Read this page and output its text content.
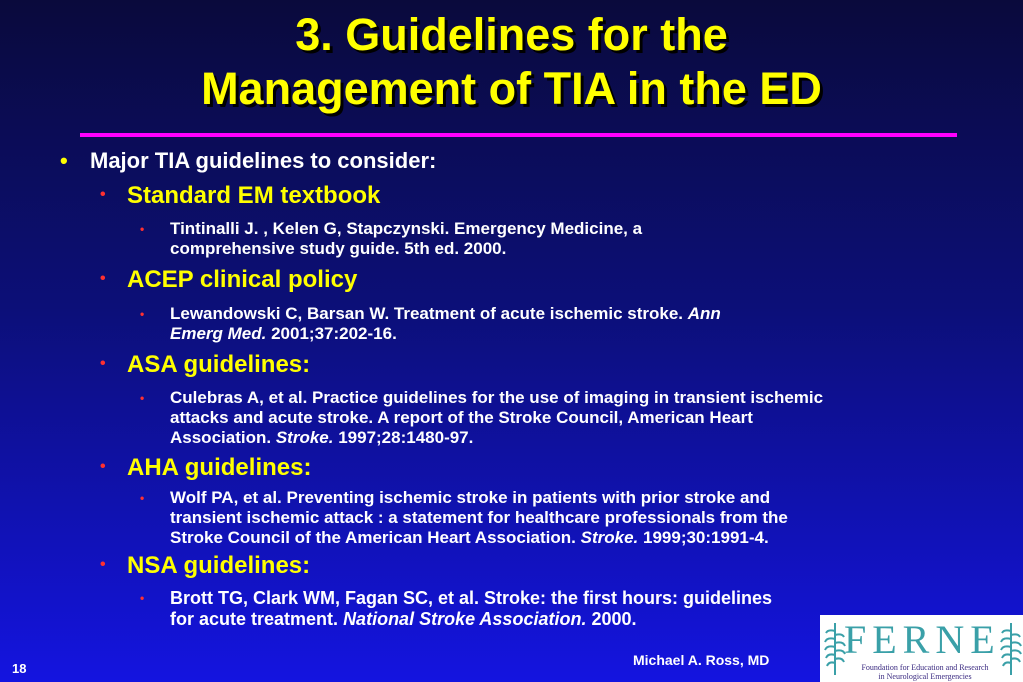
3. Guidelines for the
Management of TIA in the ED
• Major TIA guidelines to consider:
• Standard EM textbook
• Tintinalli J. , Kelen G, Stapczynski. Emergency Medicine, a
comprehensive study guide. 5th ed. 2000.
• ACEP clinical policy
• Lewandowski C, Barsan W. Treatment of acute ischemic stroke. Ann
Emerg Med. 2001;37:202-16.
• ASA guidelines:
• Culebras A, et al. Practice guidelines for the use of imaging in transient ischemic
attacks and acute stroke. A report of the Stroke Council, American Heart
Association. Stroke. 1997;28:1480-97.
• AHA guidelines:
• Wolf PA, et al. Preventing ischemic stroke in patients with prior stroke and
transient ischemic attack : a statement for healthcare professionals from the
Stroke Council of the American Heart Association. Stroke. 1999;30:1991-4.
• NSA guidelines:
• Brott TG, Clark WM, Fagan SC, et al. Stroke: the first hours: guidelines
for acute treatment. National Stroke Association. 2000.
18
Michael A. Ross, MD FERNE
Foundation for Education and Research
in Neurological Emergencies
